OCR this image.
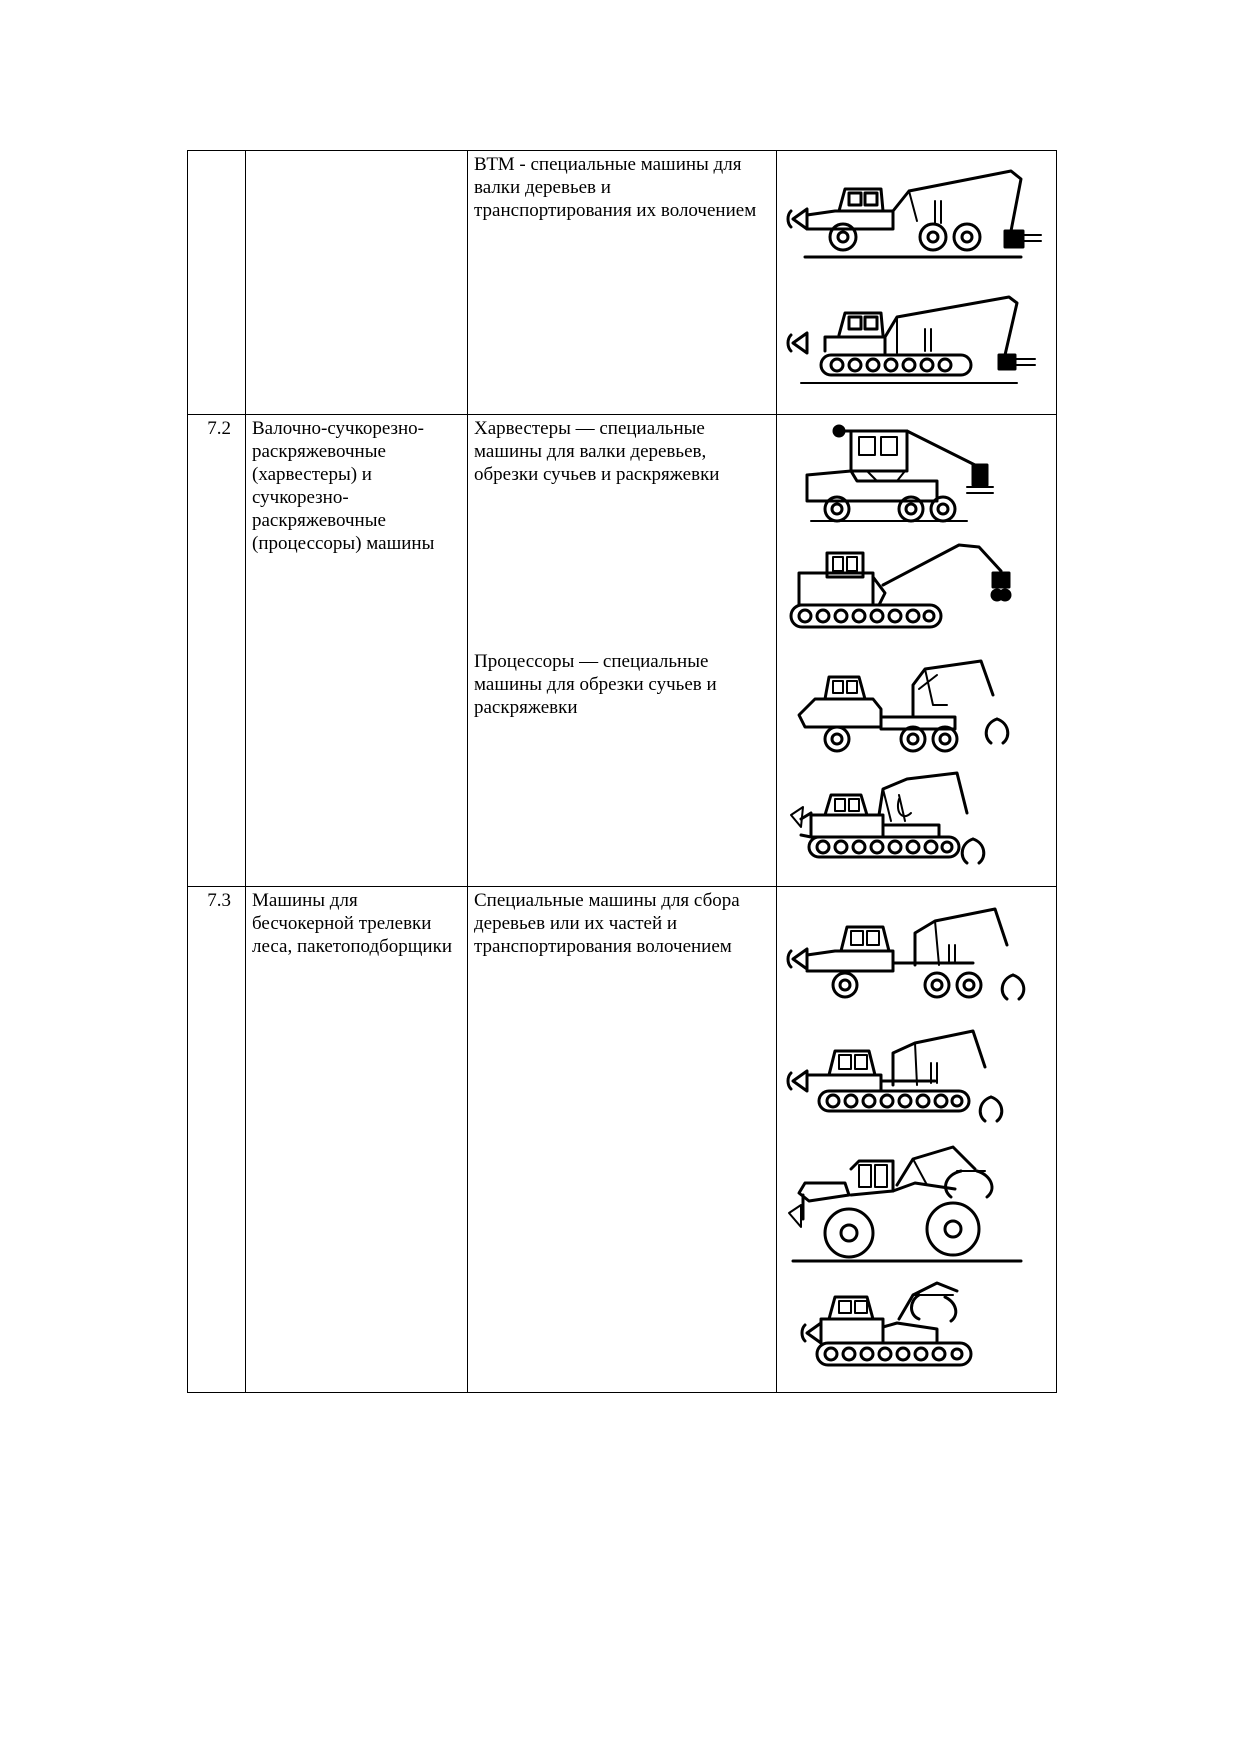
		ВТМ - специальные машины для валки деревьев и транспортирования их волочением	

7.2	Валочно-сучкорезно-раскряжевочные (харвестеры) и сучкорезно-раскряжевочные (процессоры) машины	Харвестеры — специальные машины для валки деревьев, обрезки сучьев и раскряжевки
Процессоры — специальные машины для обрезки сучьев и раскряжевки

7.3	Машины для бесчокерной трелевки леса, пакетоподборщики	Специальные машины для сбора деревьев или их частей и транспортирования волочением	
